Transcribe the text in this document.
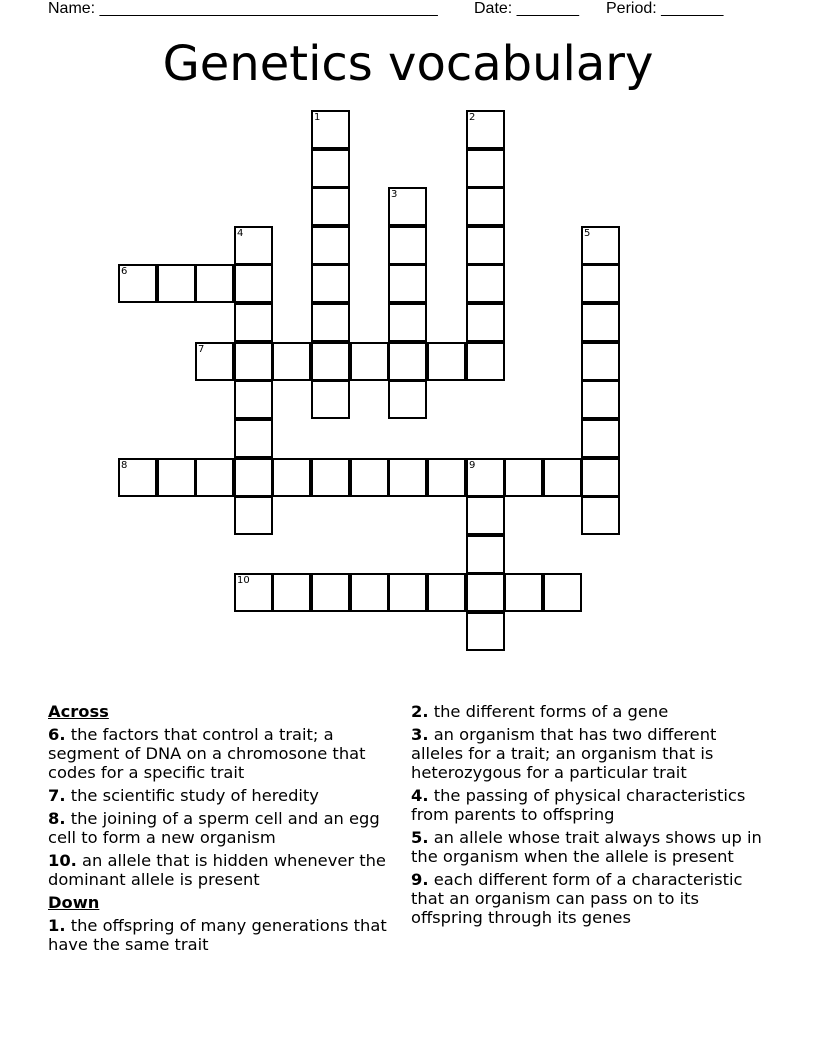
Name: ______________________________________ Date: _______ Period: _______
Genetics vocabulary
1	2
3
4	5
6
7
8	9
10
Across
6. the factors that control a trait; a segment of DNA on a chromosone that codes for a specific trait
7. the scientific study of heredity
8. the joining of a sperm cell and an egg cell to form a new organism
10. an allele that is hidden whenever the dominant allele is present
Down
1. the offspring of many generations that have the same trait
2. the different forms of a gene
3. an organism that has two different alleles for a trait; an organism that is heterozygous for a particular trait
4. the passing of physical characteristics from parents to offspring
5. an allele whose trait always shows up in the organism when the allele is present
9. each different form of a characteristic that an organism can pass on to its offspring through its genes
